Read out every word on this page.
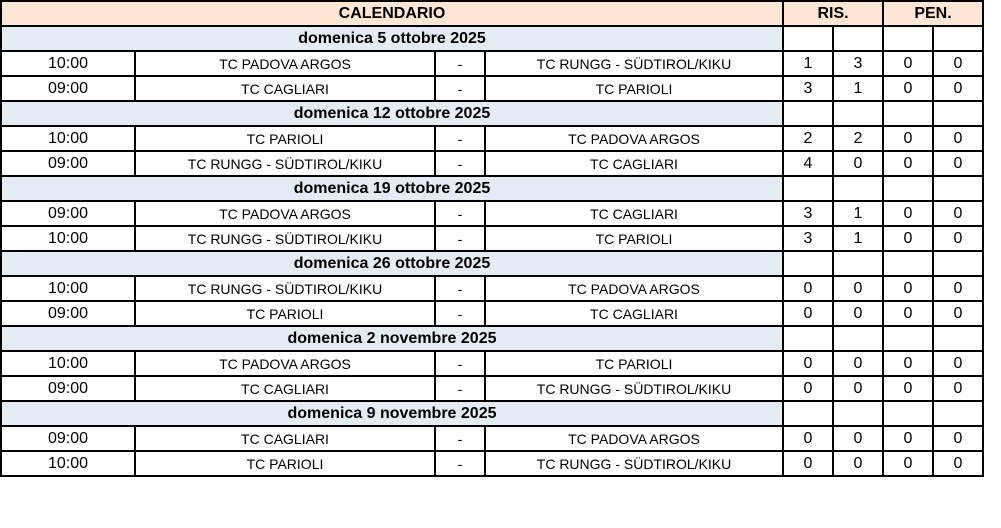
CALENDARIO				RIS.		PEN.	
domenica 5 ottobre 2025							
10:00	TC PADOVA ARGOS	-	TC RUNGG - SÜDTIROL/KIKU	1	3	0	0
09:00	TC CAGLIARI	-	TC PARIOLI	3	1	0	0
domenica 12 ottobre 2025							
10:00	TC PARIOLI	-	TC PADOVA ARGOS	2	2	0	0
09:00	TC RUNGG - SÜDTIROL/KIKU	-	TC CAGLIARI	4	0	0	0
domenica 19 ottobre 2025							
09:00	TC PADOVA ARGOS	-	TC CAGLIARI	3	1	0	0
10:00	TC RUNGG - SÜDTIROL/KIKU	-	TC PARIOLI	3	1	0	0
domenica 26 ottobre 2025							
10:00	TC RUNGG - SÜDTIROL/KIKU	-	TC PADOVA ARGOS	0	0	0	0
09:00	TC PARIOLI	-	TC CAGLIARI	0	0	0	0
domenica 2 novembre 2025							
10:00	TC PADOVA ARGOS	-	TC PARIOLI	0	0	0	0
09:00	TC CAGLIARI	-	TC RUNGG - SÜDTIROL/KIKU	0	0	0	0
domenica 9 novembre 2025							
09:00	TC CAGLIARI	-	TC PADOVA ARGOS	0	0	0	0
10:00	TC PARIOLI	-	TC RUNGG - SÜDTIROL/KIKU	0	0	0	0
